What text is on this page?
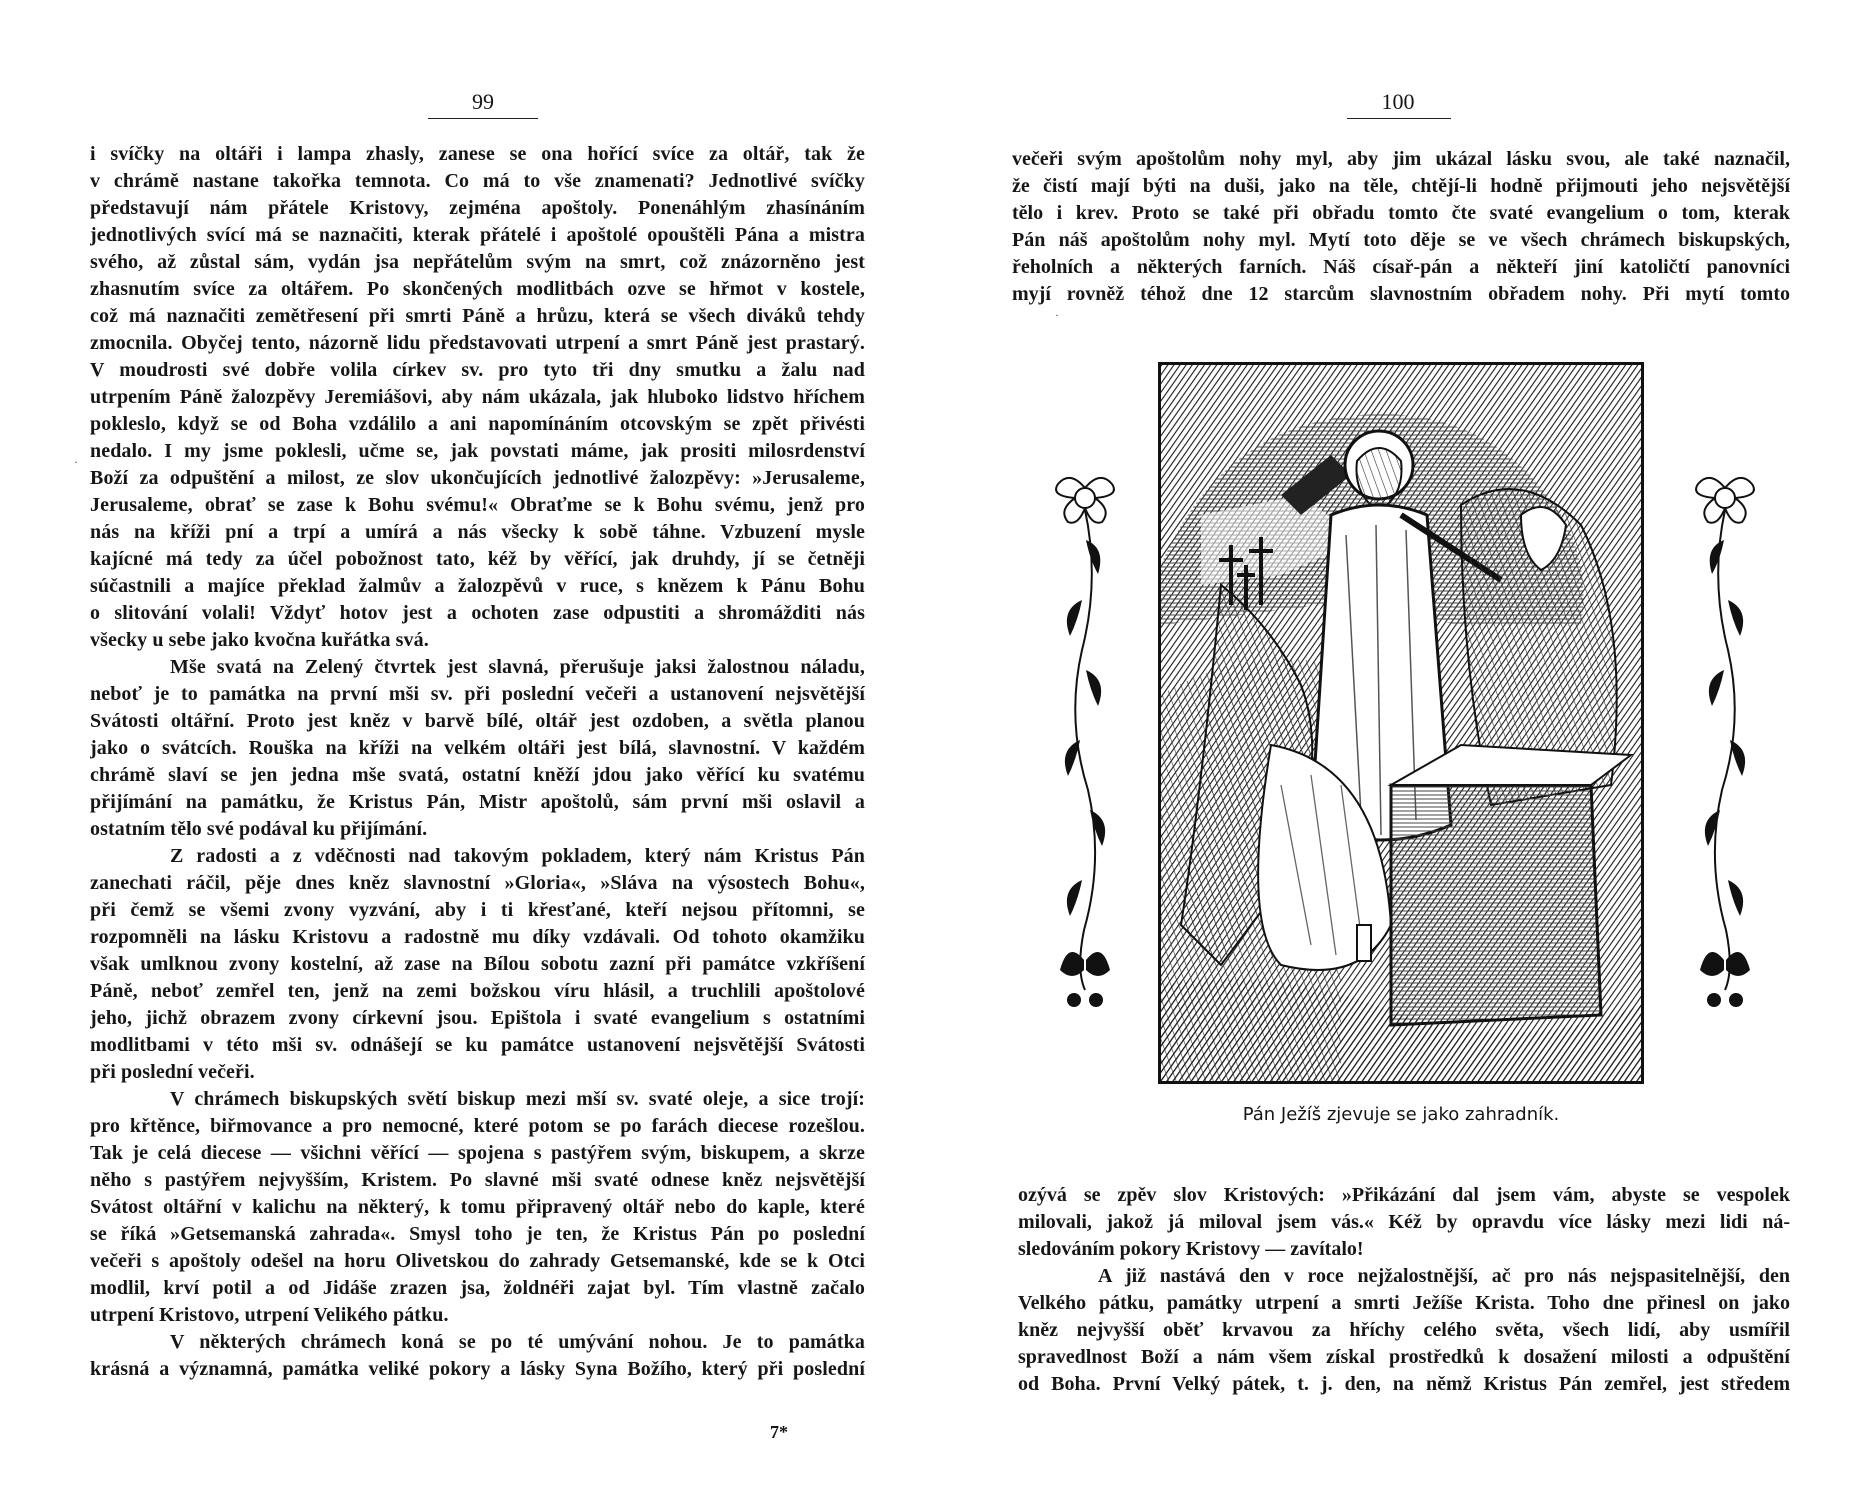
99
i svíčky na oltáři i lampa zhasly, zanese se ona hořící svíce za oltář, tak že
v chrámě nastane takořka temnota. Co má to vše znamenati? Jednotlivé svíčky
představují nám přátele Kristovy, zejména apoštoly. Ponenáhlým zhasínáním
jednotlivých svící má se naznačiti, kterak přátelé i apoštolé opouštěli Pána a mistra
svého, až zůstal sám, vydán jsa nepřátelům svým na smrt, což znázorněno jest
zhasnutím svíce za oltářem. Po skončených modlitbách ozve se hřmot v kostele,
což má naznačiti zemětřesení při smrti Páně a hrůzu, která se všech diváků tehdy
zmocnila. Obyčej tento, názorně lidu představovati utrpení a smrt Páně jest prastarý.
V moudrosti své dobře volila církev sv. pro tyto tři dny smutku a žalu nad
utrpením Páně žalozpěvy Jeremiášovi, aby nám ukázala, jak hluboko lidstvo hříchem
pokleslo, když se od Boha vzdálilo a ani napomínáním otcovským se zpět přivésti
nedalo. I my jsme poklesli, učme se, jak povstati máme, jak prositi milosrdenství
Boží za odpuštění a milost, ze slov ukončujících jednotlivé žalozpěvy: »Jerusaleme,
Jerusaleme, obrať se zase k Bohu svému!« Obraťme se k Bohu svému, jenž pro
nás na kříži pní a trpí a umírá a nás všecky k sobě táhne. Vzbuzení mysle
kajícné má tedy za účel pobožnost tato, kéž by věřící, jak druhdy, jí se četněji
súčastnili a majíce překlad žalmův a žalozpěvů v ruce, s knězem k Pánu Bohu
o slitování volali! Vždyť hotov jest a ochoten zase odpustiti a shromážditi nás
všecky u sebe jako kvočna kuřátka svá.
Mše svatá na Zelený čtvrtek jest slavná, přerušuje jaksi žalostnou náladu,
neboť je to památka na první mši sv. při poslední večeři a ustanovení nejsvětější
Svátosti oltářní. Proto jest kněz v barvě bílé, oltář jest ozdoben, a světla planou
jako o svátcích. Rouška na kříži na velkém oltáři jest bílá, slavnostní. V každém
chrámě slaví se jen jedna mše svatá, ostatní kněží jdou jako věřící ku svatému
přijímání na památku, že Kristus Pán, Mistr apoštolů, sám první mši oslavil a
ostatním tělo své podával ku přijímání.
Z radosti a z vděčnosti nad takovým pokladem, který nám Kristus Pán
zanechati ráčil, pěje dnes kněz slavnostní »Gloria«, »Sláva na výsostech Bohu«,
při čemž se všemi zvony vyzvání, aby i ti křesťané, kteří nejsou přítomni, se
rozpomněli na lásku Kristovu a radostně mu díky vzdávali. Od tohoto okamžiku
však umlknou zvony kostelní, až zase na Bílou sobotu zazní při památce vzkříšení
Páně, neboť zemřel ten, jenž na zemi božskou víru hlásil, a truchlili apoštolové
jeho, jichž obrazem zvony církevní jsou. Epištola i svaté evangelium s ostatními
modlitbami v této mši sv. odnášejí se ku památce ustanovení nejsvětější Svátosti
při poslední večeři.
V chrámech biskupských světí biskup mezi mší sv. svaté oleje, a sice trojí:
pro křtěnce, biřmovance a pro nemocné, které potom se po farách diecese rozešlou.
Tak je celá diecese — všichni věřící — spojena s pastýřem svým, biskupem, a skrze
něho s pastýřem nejvyšším, Kristem. Po slavné mši svaté odnese kněz nejsvětější
Svátost oltářní v kalichu na některý, k tomu připravený oltář nebo do kaple, které
se říká »Getsemanská zahrada«. Smysl toho je ten, že Kristus Pán po poslední
večeři s apoštoly odešel na horu Olivetskou do zahrady Getsemanské, kde se k Otci
modlil, krví potil a od Jidáše zrazen jsa, žoldnéři zajat byl. Tím vlastně začalo
utrpení Kristovo, utrpení Velikého pátku.
V některých chrámech koná se po té umývání nohou. Je to památka
krásná a významná, památka veliké pokory a lásky Syna Božího, který při poslední
7*
·
100
večeři svým apoštolům nohy myl, aby jim ukázal lásku svou, ale také naznačil,
že čistí mají býti na duši, jako na těle, chtějí-li hodně přijmouti jeho nejsvětější
tělo i krev. Proto se také při obřadu tomto čte svaté evangelium o tom, kterak
Pán náš apoštolům nohy myl. Mytí toto děje se ve všech chrámech biskupských,
řeholních a některých farních. Náš císař-pán a někteří jiní katoličtí panovníci
myjí rovněž téhož dne 12 starcům slavnostním obřadem nohy. Při mytí tomto
·
Pán Ježíš zjevuje se jako zahradník.
ozývá se zpěv slov Kristových: »Přikázání dal jsem vám, abyste se vespolek
milovali, jakož já miloval jsem vás.« Kéž by opravdu více lásky mezi lidi ná-
sledováním pokory Kristovy — zavítalo!
A již nastává den v roce nejžalostnější, ač pro nás nejspasitelnější, den
Velkého pátku, památky utrpení a smrti Ježíše Krista. Toho dne přinesl on jako
kněz nejvyšší oběť krvavou za hříchy celého světa, všech lidí, aby usmířil
spravedlnost Boží a nám všem získal prostředků k dosažení milosti a odpuštění
od Boha. První Velký pátek, t. j. den, na němž Kristus Pán zemřel, jest středem
